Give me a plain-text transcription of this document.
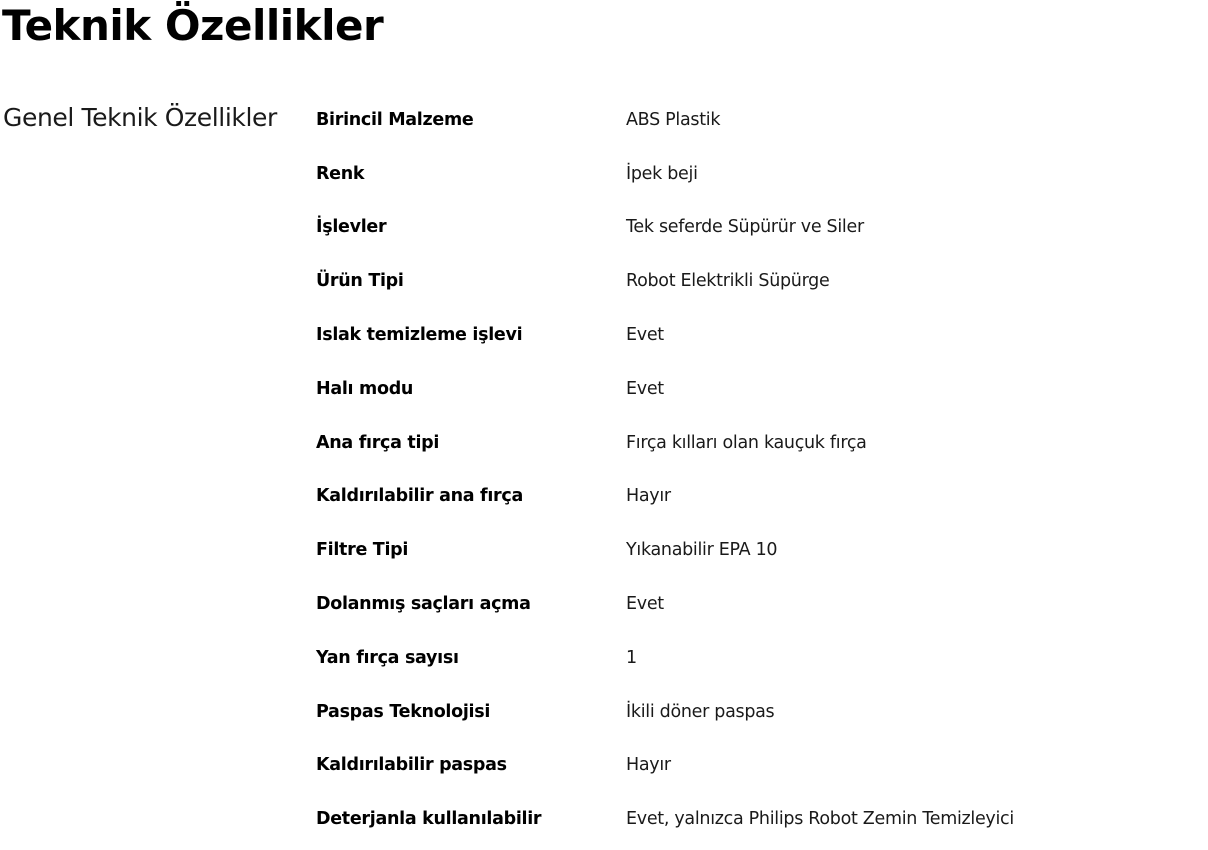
Teknik Özellikler
Genel Teknik Özellikler Birincil Malzeme	ABS Plastik
Renk	İpek beji
İşlevler	Tek seferde Süpürür ve Siler
Ürün Tipi	Robot Elektrikli Süpürge
Islak temizleme işlevi	Evet
Halı modu	Evet
Ana fırça tipi	Fırça kılları olan kauçuk fırça
Kaldırılabilir ana fırça	Hayır
Filtre Tipi	Yıkanabilir EPA 10
Dolanmış saçları açma	Evet
Yan fırça sayısı	1
Paspas Teknolojisi	İkili döner paspas
Kaldırılabilir paspas	Hayır
Deterjanla kullanılabilir	Evet, yalnızca Philips Robot Zemin Temizleyici
